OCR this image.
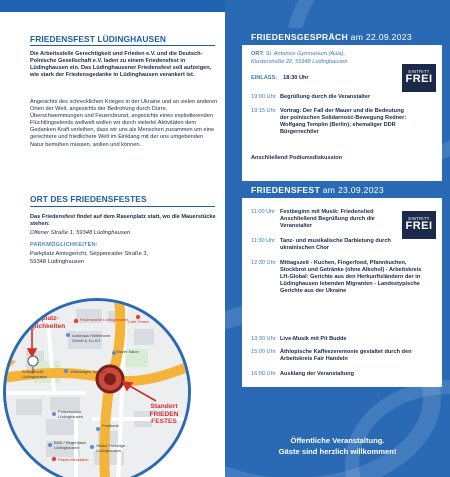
FRIEDENSFEST LÜDINGHAUSEN
Die Arbeitsstelle Gerechtigkeit und Frieden e.V. und die Deutsch-Polnische Gesellschaft e.V. laden zu einem Friedensfest in Lüdinghausen ein. Das Lüdinghausener Friedensfest soll aufzeigen, wie stark der Friedensgedanke in Lüdinghausen verankert ist.
Angesichts des schrecklichen Krieges in der Ukraine und an vielen anderen Orten der Welt, angesichts der Bedrohung durch Dürre, Überschwemmungen und Feuersbrunst, angesichts eines explodierenden Flüchtlingselends wellwelt wollen wir durch vielerlei Aktivitäten dem Gedanken Kraft verleihen, dass wir uns als Menschen zusammen um eine gerechtere und friedlichere Welt im Einklang mit der uns umgebenden Natur bemühen müssen, wollen und können.
ORT DES FRIEDENSFESTES
Das Friedensfest findet auf dem Rasenplatz statt, wo die Mauerstücke stehen:
Olfener Straße 1, 59348 Lüdinghausen
PARKMÖGLICHKEITEN:
Parkplatz Amtsgericht, Seppenrader Straße 3,
59348 Lüdinghausen
Feuerwache Lüdinghausen Café Torma
Autohaus Hollenhorst
GmbH & Co.KG
Shiver Salon
Volkswagen Service
Amtsgericht
Lüdinghausen
Polizeiwache
Lüdinghausen
Postbank
BHD / Regenbank
Lüdinghausen	Studio Freestige -
Lüdinghausen
Praxis Meckbach
Parkplatz-
möglichkeiten
Standort
FRIEDEN
FESTES
FRIEDENSGESPRÄCH am 22.09.2023
ORT: St. Antonius Gymnasium (Aula),
Klosterstraße 22, 59348 Lüdinghausen
EINLASS: 18:30 Uhr
EINTRITT
FREI
19:00 Uhr Begrüßung durch die Veranstalter
19:15 Uhr Vortrag: Der Fall der Mauer und die Bedeutung der polnischen Solidarność-Bewegung Redner: Wolfgang Templin (Berlin); ehemaliger DDR Bürgerrechtler
Anschließend Podiumsdiskussion
FRIEDENSFEST am 23.09.2023
EINTRITT
FREI
11:00 Uhr Festbeginn mit Musik: Friedenslied Anschließend Begrüßung durch die Veranstalter
11:30 Uhr Tanz- und musikalische Darbietung durch ukrainischen Chor
12:30 Uhr Mittagszeit - Kuchen, Fingerfood, Pfannkuchen, Stockbrot und Getränke (ohne Alkohol) - Arbeitskreis LH-Global: Gerichte aus den Herkunftsländern der in Lüdinghausen lebenden Migranten - Landestypische Gerichte aus der Ukraine
13:30 Uhr Live-Musik mit Pit Budde
15:00 Uhr Äthiopische Kaffeezeremonie gestaltet durch den Arbeitskreis Fair Handeln
16:00 Uhr Ausklang der Veranstaltung
Öffentliche Veranstaltung.
Gäste sind herzlich willkommen!
